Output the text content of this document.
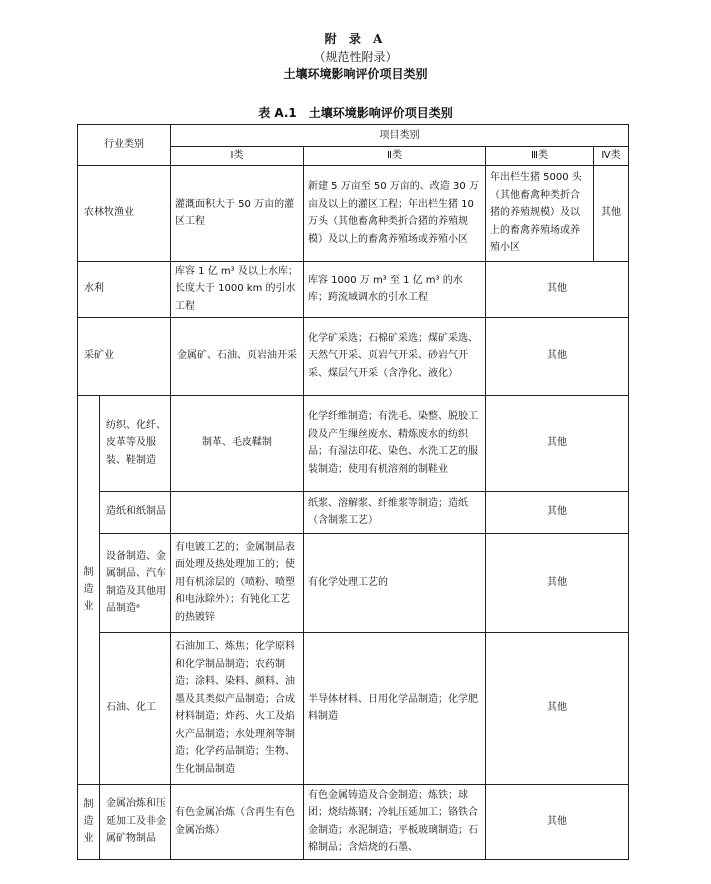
附 录 A
（规范性附录）
土壤环境影响评价项目类别
表 A.1 土壤环境影响评价项目类别
行业类别		项目类别			
		Ⅰ类	Ⅱ类	Ⅲ类	Ⅳ类
农林牧渔业		灌溉面积大于 50 万亩的灌区工程	新建 5 万亩至 50 万亩的、改造 30 万亩及以上的灌区工程；年出栏生猪 10 万头（其他畜禽种类折合猪的养殖规模）及以上的畜禽养殖场或养殖小区	年出栏生猪 5000 头（其他畜禽种类折合猪的养殖规模）及以上的畜禽养殖场或养殖小区	其他
水利		库容 1 亿 m³ 及以上水库；长度大于 1000 km 的引水工程	库容 1000 万 m³ 至 1 亿 m³ 的水库；跨流域调水的引水工程	其他	
采矿业		金属矿、石油、页岩油开采	化学矿采选；石棉矿采选；煤矿采选、天然气开采、页岩气开采、砂岩气开采、煤层气开采（含净化、液化）	其他	
制造业	纺织、化纤、皮革等及服装、鞋制造	制革、毛皮鞣制	化学纤维制造；有洗毛、染整、脱胶工段及产生缫丝废水、精炼废水的纺织品；有湿法印花、染色、水洗工艺的服装制造；使用有机溶剂的制鞋业	其他	
	造纸和纸制品		纸浆、溶解浆、纤维浆等制造；造纸（含制浆工艺）	其他	
	设备制造、金属制品、汽车制造及其他用品制造ᵃ	有电镀工艺的；金属制品表面处理及热处理加工的；使用有机涂层的（喷粉、喷塑和电泳除外）；有钝化工艺的热镀锌	有化学处理工艺的	其他	
	石油、化工	石油加工、炼焦；化学原料和化学制品制造；农药制造；涂料、染料、颜料、油墨及其类似产品制造；合成材料制造；炸药、火工及焰火产品制造；水处理剂等制造；化学药品制造；生物、生化制品制造	半导体材料、日用化学品制造；化学肥料制造	其他	
制造业	金属冶炼和压延加工及非金属矿物制品	有色金属冶炼（含再生有色金属冶炼）	有色金属铸造及合金制造；炼铁；球团；烧结炼钢；冷轧压延加工；铬铁合金制造；水泥制造；平板玻璃制造；石棉制品；含焙烧的石墨、	其他	
